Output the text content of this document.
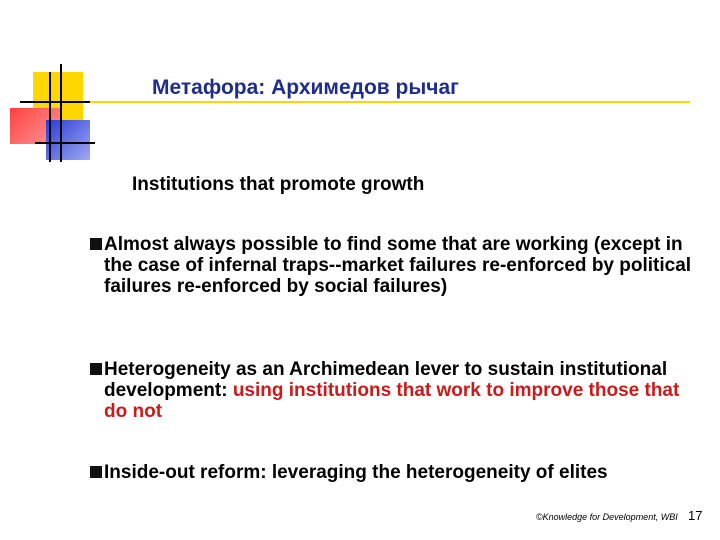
Метафора: Архимедов рычаг
Institutions that promote growth
Almost always possible to find some that are working (except in the case of infernal traps--market failures re-enforced by political failures re-enforced by social failures)
Heterogeneity as an Archimedean lever to sustain institutional development: using institutions that work to improve those that do not
Inside-out reform: leveraging the heterogeneity of elites
©Knowledge for Development, WBI 17
